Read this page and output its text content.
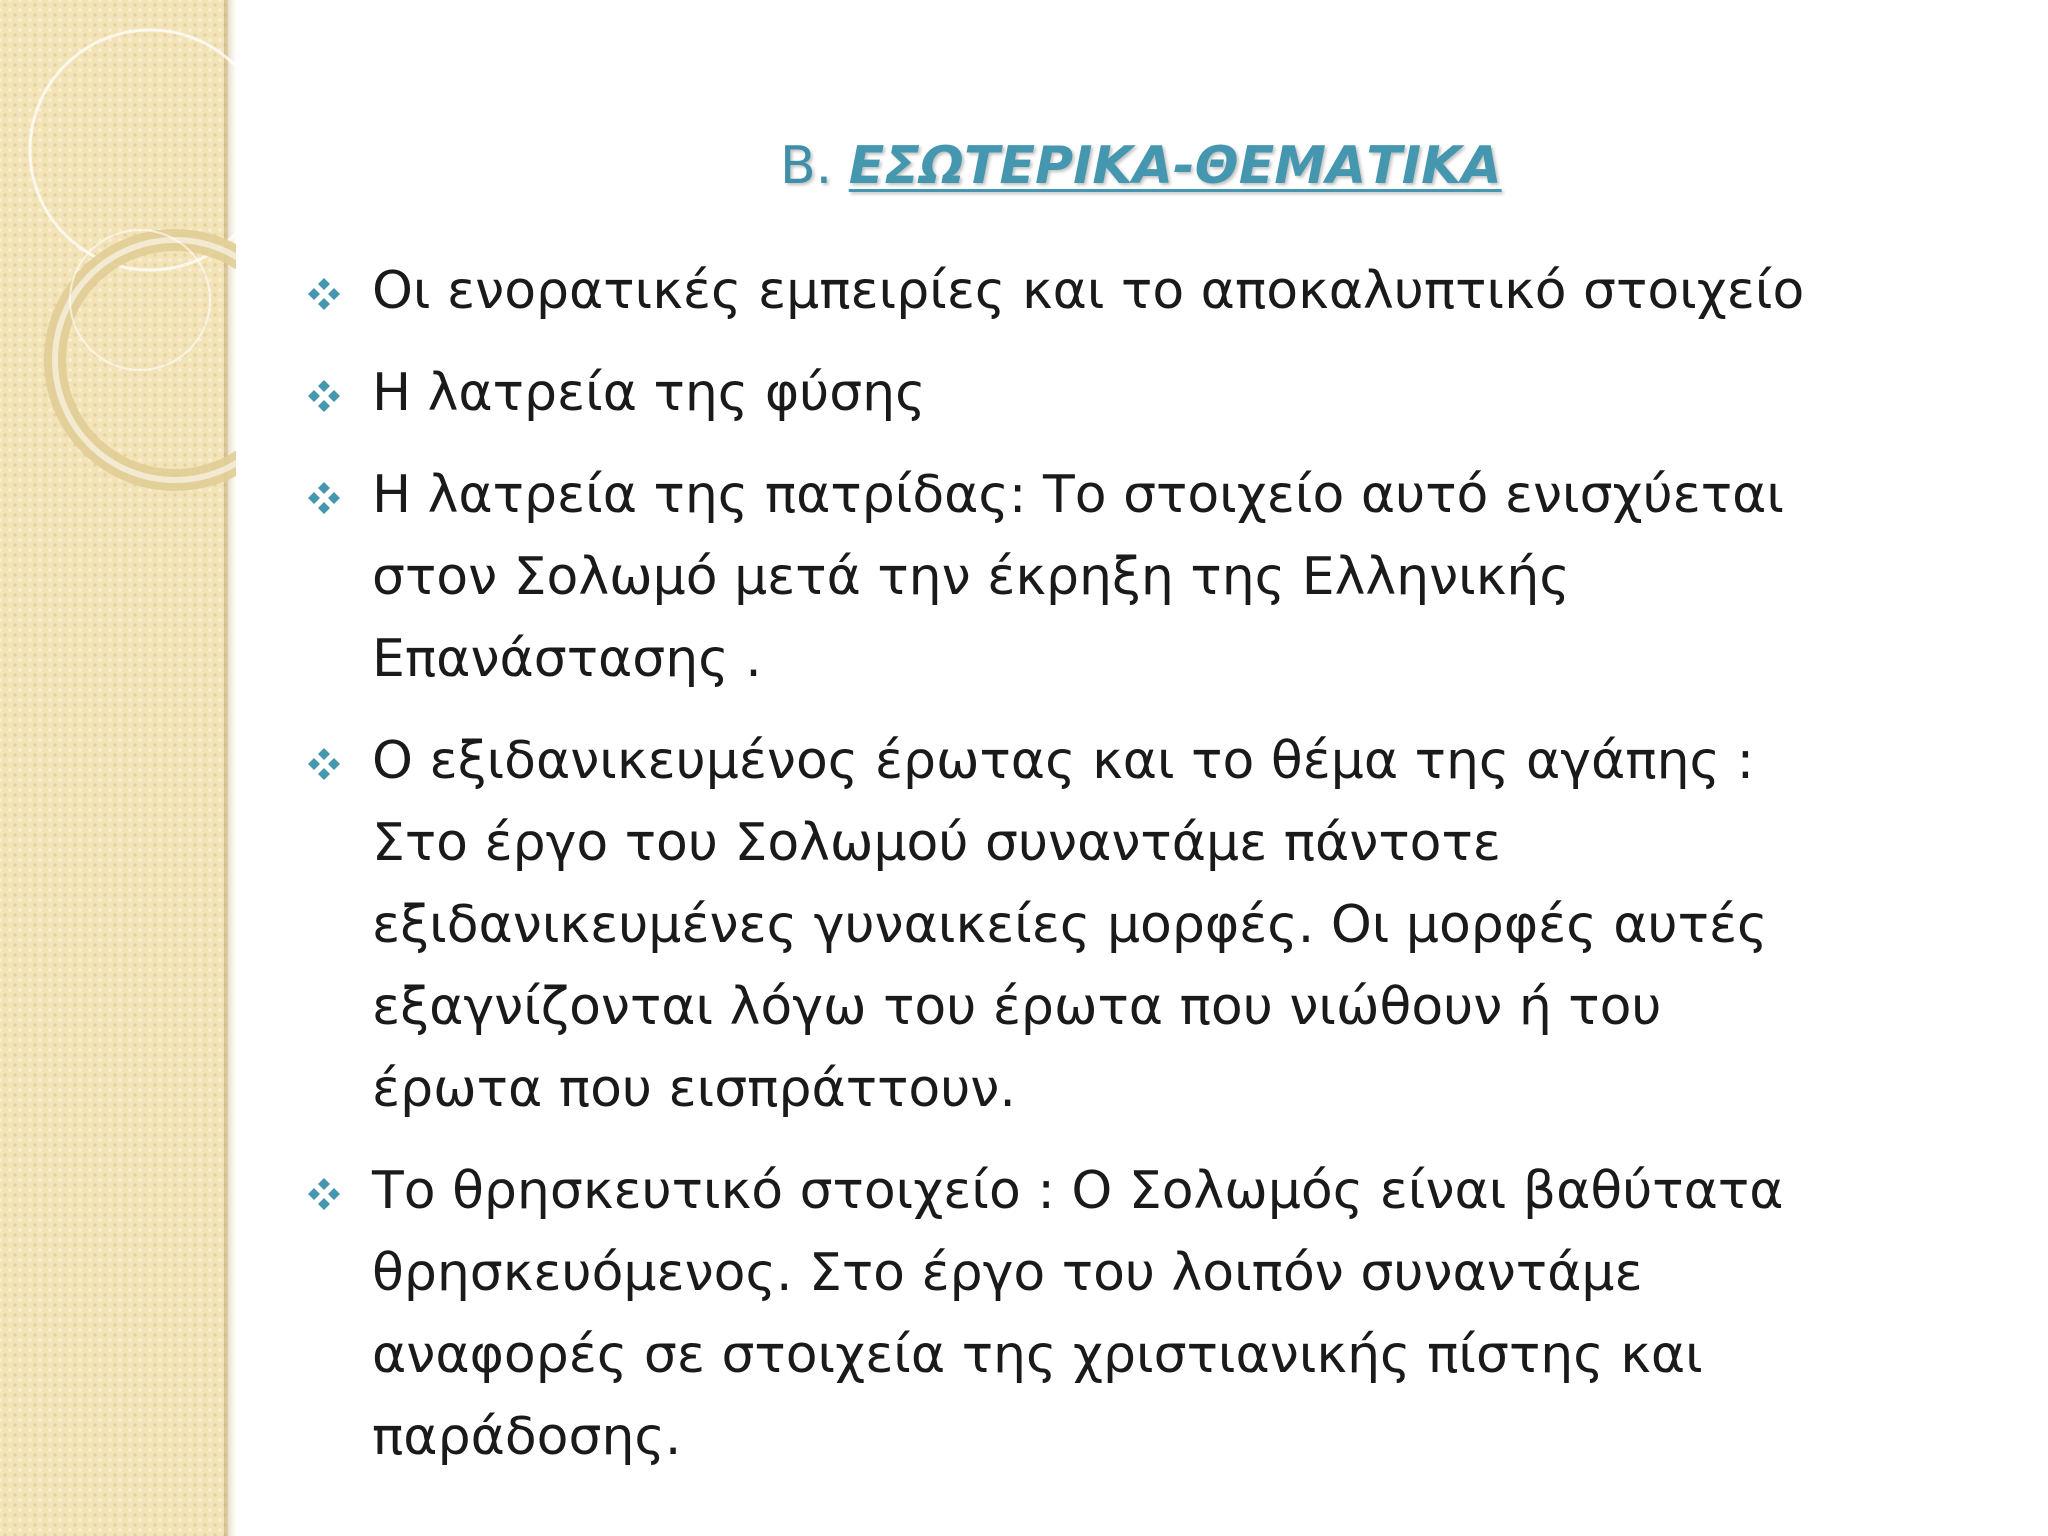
Β. ΕΣΩΤΕΡΙΚΑ-ΘΕΜΑΤΙΚΑ
Οι ενορατικές εμπειρίες και το αποκαλυπτικό στοιχείο
Η λατρεία της φύσης
Η λατρεία της πατρίδας: Το στοιχείο αυτό ενισχύεται
στον Σολωμό μετά την έκρηξη της Ελληνικής
Επανάστασης .
Ο εξιδανικευμένος έρωτας και το θέμα της αγάπης :
Στο έργο του Σολωμού συναντάμε πάντοτε
εξιδανικευμένες γυναικείες μορφές. Οι μορφές αυτές
εξαγνίζονται λόγω του έρωτα που νιώθουν ή του
έρωτα που εισπράττουν.
Το θρησκευτικό στοιχείο : Ο Σολωμός είναι βαθύτατα
θρησκευόμενος. Στο έργο του λοιπόν συναντάμε
αναφορές σε στοιχεία της χριστιανικής πίστης και
παράδοσης.
